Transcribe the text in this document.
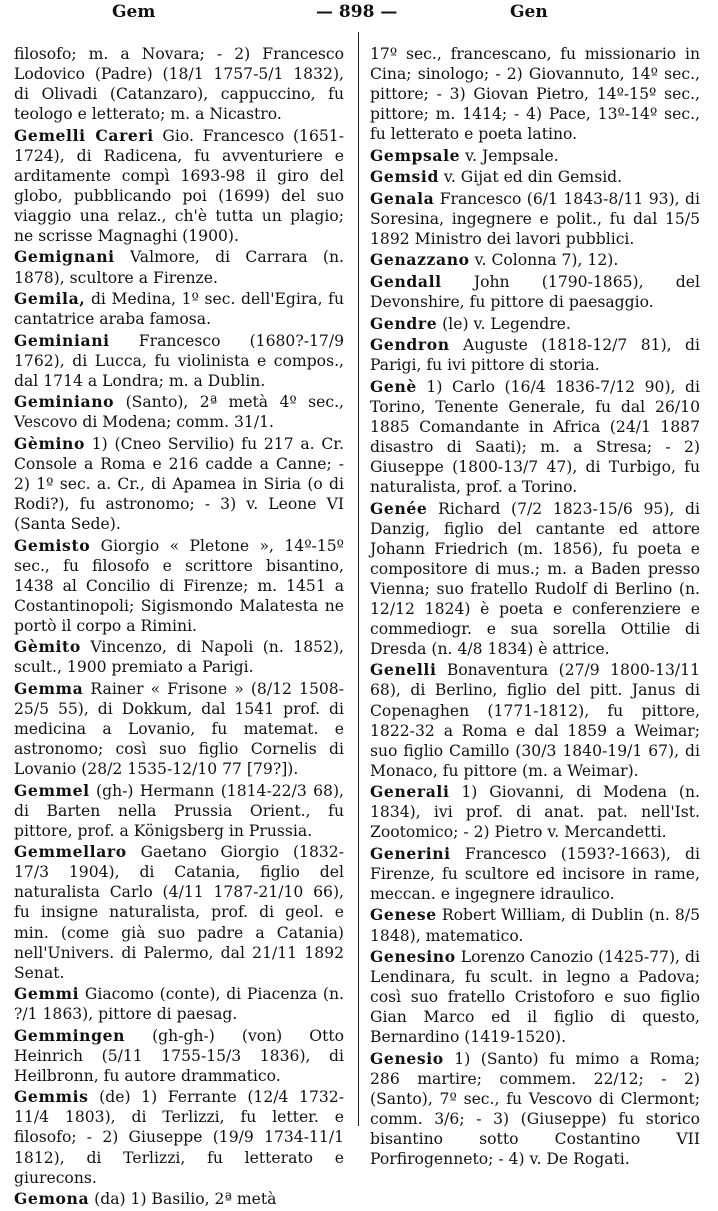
Gem	— 898 —	Gen
filosofo; m. a Novara; - 2) Francesco Lodovico (Padre) (18/1 1757-5/1 1832), di Olivadi (Catanzaro), cappuccino, fu teologo e letterato; m. a Nicastro.
Gemelli Careri Gio. Francesco (1651-1724), di Radicena, fu avventuriere e arditamente compì 1693-98 il giro del globo, pubblicando poi (1699) del suo viaggio una relaz., ch'è tutta un plagio; ne scrisse Magnaghi (1900).
Gemignani Valmore, di Carrara (n. 1878), scultore a Firenze.
Gemila, di Medina, 1º sec. dell'Egira, fu cantatrice araba famosa.
Geminiani Francesco (1680?-17/9 1762), di Lucca, fu violinista e compos., dal 1714 a Londra; m. a Dublin.
Geminiano (Santo), 2ª metà 4º sec., Vescovo di Modena; comm. 31/1.
Gèmino 1) (Cneo Servilio) fu 217 a. Cr. Console a Roma e 216 cadde a Canne; - 2) 1º sec. a. Cr., di Apamea in Siria (o di Rodi?), fu astronomo; - 3) v. Leone VI (Santa Sede).
Gemisto Giorgio « Pletone », 14º-15º sec., fu filosofo e scrittore bisantino, 1438 al Concilio di Firenze; m. 1451 a Costantinopoli; Sigismondo Malatesta ne portò il corpo a Rimini.
Gèmito Vincenzo, di Napoli (n. 1852), scult., 1900 premiato a Parigi.
Gemma Rainer « Frisone » (8/12 1508-25/5 55), di Dokkum, dal 1541 prof. di medicina a Lovanio, fu matemat. e astronomo; così suo figlio Cornelis di Lovanio (28/2 1535-12/10 77 [79?]).
Gemmel (gh-) Hermann (1814-22/3 68), di Barten nella Prussia Orient., fu pittore, prof. a Königsberg in Prussia.
Gemmellaro Gaetano Giorgio (1832-17/3 1904), di Catania, figlio del naturalista Carlo (4/11 1787-21/10 66), fu insigne naturalista, prof. di geol. e min. (come già suo padre a Catania) nell'Univers. di Palermo, dal 21/11 1892 Senat.
Gemmi Giacomo (conte), di Piacenza (n. ?/1 1863), pittore di paesag.
Gemmingen (gh-gh-) (von) Otto Heinrich (5/11 1755-15/3 1836), di Heilbronn, fu autore drammatico.
Gemmis (de) 1) Ferrante (12/4 1732-11/4 1803), di Terlizzi, fu letter. e filosofo; - 2) Giuseppe (19/9 1734-11/1 1812), di Terlizzi, fu letterato e giurecons.
Gemona (da) 1) Basilio, 2ª metà
17º sec., francescano, fu missionario in Cina; sinologo; - 2) Giovannuto, 14º sec., pittore; - 3) Giovan Pietro, 14º-15º sec., pittore; m. 1414; - 4) Pace, 13º-14º sec., fu letterato e poeta latino.
Gempsale v. Jempsale.
Gemsid v. Gijat ed din Gemsid.
Genala Francesco (6/1 1843-8/11 93), di Soresina, ingegnere e polit., fu dal 15/5 1892 Ministro dei lavori pubblici.
Genazzano v. Colonna 7), 12).
Gendall John (1790-1865), del Devonshire, fu pittore di paesaggio.
Gendre (le) v. Legendre.
Gendron Auguste (1818-12/7 81), di Parigi, fu ivi pittore di storia.
Genè 1) Carlo (16/4 1836-7/12 90), di Torino, Tenente Generale, fu dal 26/10 1885 Comandante in Africa (24/1 1887 disastro di Saati); m. a Stresa; - 2) Giuseppe (1800-13/7 47), di Turbigo, fu naturalista, prof. a Torino.
Genée Richard (7/2 1823-15/6 95), di Danzig, figlio del cantante ed attore Johann Friedrich (m. 1856), fu poeta e compositore di mus.; m. a Baden presso Vienna; suo fratello Rudolf di Berlino (n. 12/12 1824) è poeta e conferenziere e commediogr. e sua sorella Ottilie di Dresda (n. 4/8 1834) è attrice.
Genelli Bonaventura (27/9 1800-13/11 68), di Berlino, figlio del pitt. Janus di Copenaghen (1771-1812), fu pittore, 1822-32 a Roma e dal 1859 a Weimar; suo figlio Camillo (30/3 1840-19/1 67), di Monaco, fu pittore (m. a Weimar).
Generali 1) Giovanni, di Modena (n. 1834), ivi prof. di anat. pat. nell'Ist. Zootomico; - 2) Pietro v. Mercandetti.
Generini Francesco (1593?-1663), di Firenze, fu scultore ed incisore in rame, meccan. e ingegnere idraulico.
Genese Robert William, di Dublin (n. 8/5 1848), matematico.
Genesino Lorenzo Canozio (1425-77), di Lendinara, fu scult. in legno a Padova; così suo fratello Cristoforo e suo figlio Gian Marco ed il figlio di questo, Bernardino (1419-1520).
Genesio 1) (Santo) fu mimo a Roma; 286 martire; commem. 22/12; - 2) (Santo), 7º sec., fu Vescovo di Clermont; comm. 3/6; - 3) (Giuseppe) fu storico bisantino sotto Costantino VII Porfirogenneto; - 4) v. De Rogati.
